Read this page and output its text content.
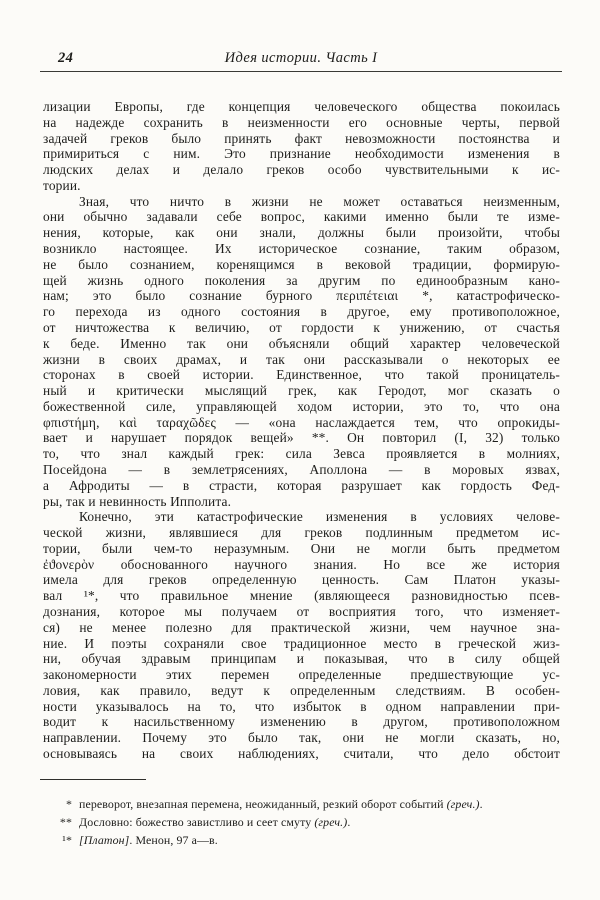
24	Идея истории. Часть I
лизации Европы, где концепция человеческого общества покоилась
на надежде сохранить в неизменности его основные черты, первой
задачей греков было принять факт невозможности постоянства и
примириться с ним. Это признание необходимости изменения в
людских делах и делало греков особо чувствительными к ис-
тории.
Зная, что ничто в жизни не может оставаться неизменным,
они обычно задавали себе вопрос, какими именно были те изме-
нения, которые, как они знали, должны были произойти, чтобы
возникло настоящее. Их историческое сознание, таким образом,
не было сознанием, коренящимся в вековой традиции, формирую-
щей жизнь одного поколения за другим по единообразным кано-
нам; это было сознание бурного περιπέτειαι *, катастрофическо-
го перехода из одного состояния в другое, ему противоположное,
от ничтожества к величию, от гордости к унижению, от счастья
к беде. Именно так они объясняли общий характер человеческой
жизни в своих драмах, и так они рассказывали о некоторых ее
сторонах в своей истории. Единственное, что такой проницатель-
ный и критически мыслящий грек, как Геродот, мог сказать о
божественной силе, управляющей ходом истории, это то, что она
φπιστήμη, καὶ ταραχῶδες — «она наслаждается тем, что опрокиды-
вает и нарушает порядок вещей» **. Он повторил (I, 32) только
то, что знал каждый грек: сила Зевса проявляется в молниях,
Посейдона — в землетрясениях, Аполлона — в моровых язвах,
а Афродиты — в страсти, которая разрушает как гордость Фед-
ры, так и невинность Ипполита.
Конечно, эти катастрофические изменения в условиях челове-
ческой жизни, являвшиеся для греков подлинным предметом ис-
тории, были чем-то неразумным. Они не могли быть предметом
ἐϑονερὸν обоснованного научного знания. Но все же история
имела для греков определенную ценность. Сам Платон указы-
вал ¹*, что правильное мнение (являющееся разновидностью псев-
дознания, которое мы получаем от восприятия того, что изменяет-
ся) не менее полезно для практической жизни, чем научное зна-
ние. И поэты сохраняли свое традиционное место в греческой жиз-
ни, обучая здравым принципам и показывая, что в силу общей
закономерности этих перемен определенные предшествующие ус-
ловия, как правило, ведут к определенным следствиям. В особен-
ности указывалось на то, что избыток в одном направлении при-
водит к насильственному изменению в другом, противоположном
направлении. Почему это было так, они не могли сказать, но,
основываясь на своих наблюдениях, считали, что дело обстоит
* переворот, внезапная перемена, неожиданный, резкий оборот событий (греч.).
** Дословно: божество завистливо и сеет смуту (греч.).
¹* [Платон]. Менон, 97 а—в.
